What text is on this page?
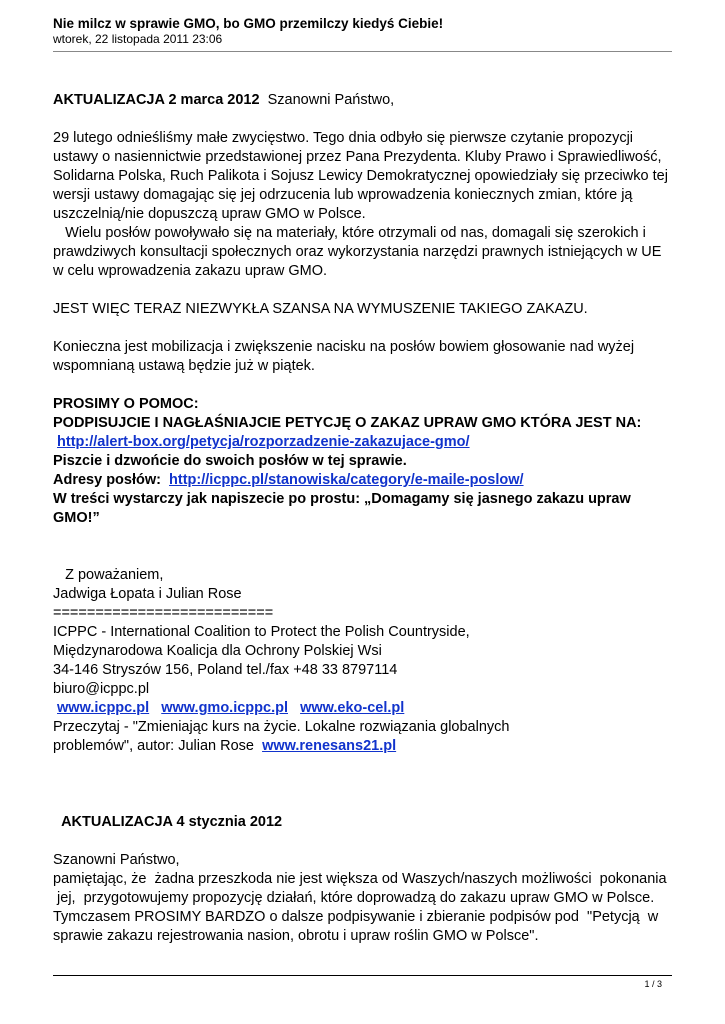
Nie milcz w sprawie GMO, bo GMO przemilczy kiedyś Ciebie!
wtorek, 22 listopada 2011 23:06

AKTUALIZACJA 2 marca 2012 Szanowni Państwo,

29 lutego odnieśliśmy małe zwycięstwo. Tego dnia odbyło się pierwsze czytanie propozycji
ustawy o nasiennictwie przedstawionej przez Pana Prezydenta. Kluby Prawo i Sprawiedliwość,
Solidarna Polska, Ruch Palikota i Sojusz Lewicy Demokratycznej opowiedziały się przeciwko tej
wersji ustawy domagając się jej odrzucenia lub wprowadzenia koniecznych zmian, które ją
uszczelnią/nie dopuszczą upraw GMO w Polsce.
Wielu posłów powoływało się na materiały, które otrzymali od nas, domagali się szerokich i
prawdziwych konsultacji społecznych oraz wykorzystania narzędzi prawnych istniejących w UE
w celu wprowadzenia zakazu upraw GMO.
JEST WIĘC TERAZ NIEZWYKŁA SZANSA NA WYMUSZENIE TAKIEGO ZAKAZU.
Konieczna jest mobilizacja i zwiększenie nacisku na posłów bowiem głosowanie nad wyżej
wspomnianą ustawą będzie już w piątek.
PROSIMY O POMOC:
PODPISUJCIE I NAGŁAŚNIAJCIE PETYCJĘ O ZAKAZ UPRAW GMO KTÓRA JEST NA:
http://alert-box.org/petycja/rozporzadzenie-zakazujace-gmo/
Piszcie i dzwońcie do swoich posłów w tej sprawie.
Adresy posłów: http://icppc.pl/stanowiska/category/e-maile-poslow/
W treści wystarczy jak napiszecie po prostu: „Domagamy się jasnego zakazu upraw
GMO!”
Z poważaniem,
Jadwiga Łopata i Julian Rose
==========================
ICPPC - International Coalition to Protect the Polish Countryside,
Międzynarodowa Koalicja dla Ochrony Polskiej Wsi
34-146 Stryszów 156, Poland tel./fax +48 33 8797114
biuro@icppc.pl
www.icppc.pl www.gmo.icppc.pl www.eko-cel.pl
Przeczytaj - "Zmieniając kurs na życie. Lokalne rozwiązania globalnych
problemów", autor: Julian Rose www.renesans21.pl
AKTUALIZACJA 4 stycznia 2012
Szanowni Państwo,
pamiętając, że  żadna przeszkoda nie jest większa od Waszych/naszych możliwości  pokonania
jej,  przygotowujemy propozycję działań, które doprowadzą do zakazu upraw GMO w Polsce.
Tymczasem PROSIMY BARDZO o dalsze podpisywanie i zbieranie podpisów pod  "Petycją  w
sprawie zakazu rejestrowania nasion, obrotu i upraw roślin GMO w Polsce".
1 / 3
